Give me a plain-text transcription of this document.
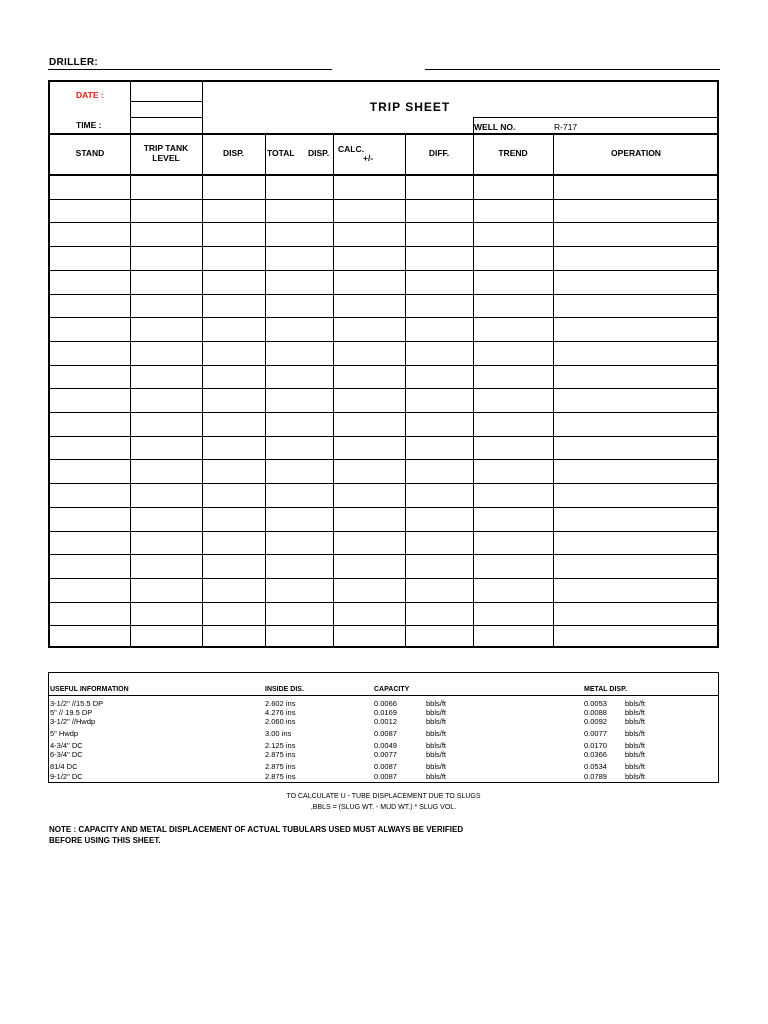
DRILLER:
DATE :
TIME :
TRIP SHEET
WELL NO.	R-717
STAND	TRIP TANK
LEVEL	DISP.	TOTAL DISP. CALC.
+/-	DIFF.	TREND	OPERATION
USEFUL INFORMATION	INSIDE DIS.	CAPACITY	METAL DISP.
3-1/2" //15.5 DP	2.602 ins	0.0066	bbls/ft	0.0053 bbls/ft
5" // 19.5 DP	4.276 ins	0.0169	bbls/ft	0.0088 bbls/ft
3-1/2" //Hwdp	2.060 ins	0.0012	bbls/ft	0.0092 bbls/ft
5" Hwdp	3.00 ins	0.0087	bbls/ft	0.0077 bbls/ft
4-3/4" DC	2.125 ins	0.0049	bbls/ft	0.0170 bbls/ft
6-3/4" DC	2.875 ins	0.0077	bbls/ft	0.0366 bbls/ft
81/4 DC	2.875 ins	0.0087	bbls/ft	0.0534 bbls/ft
9-1/2" DC	2.875 ins	0.0087	bbls/ft	0.0789 bbls/ft
TO CALCULATE U - TUBE DISPLACEMENT DUE TO SLUGS
,BBLS = (SLUG WT. - MUD WT.) * SLUG VOL.
NOTE : CAPACITY AND METAL DISPLACEMENT OF ACTUAL TUBULARS USED MUST ALWAYS BE VERIFIED
BEFORE USING THIS SHEET.
